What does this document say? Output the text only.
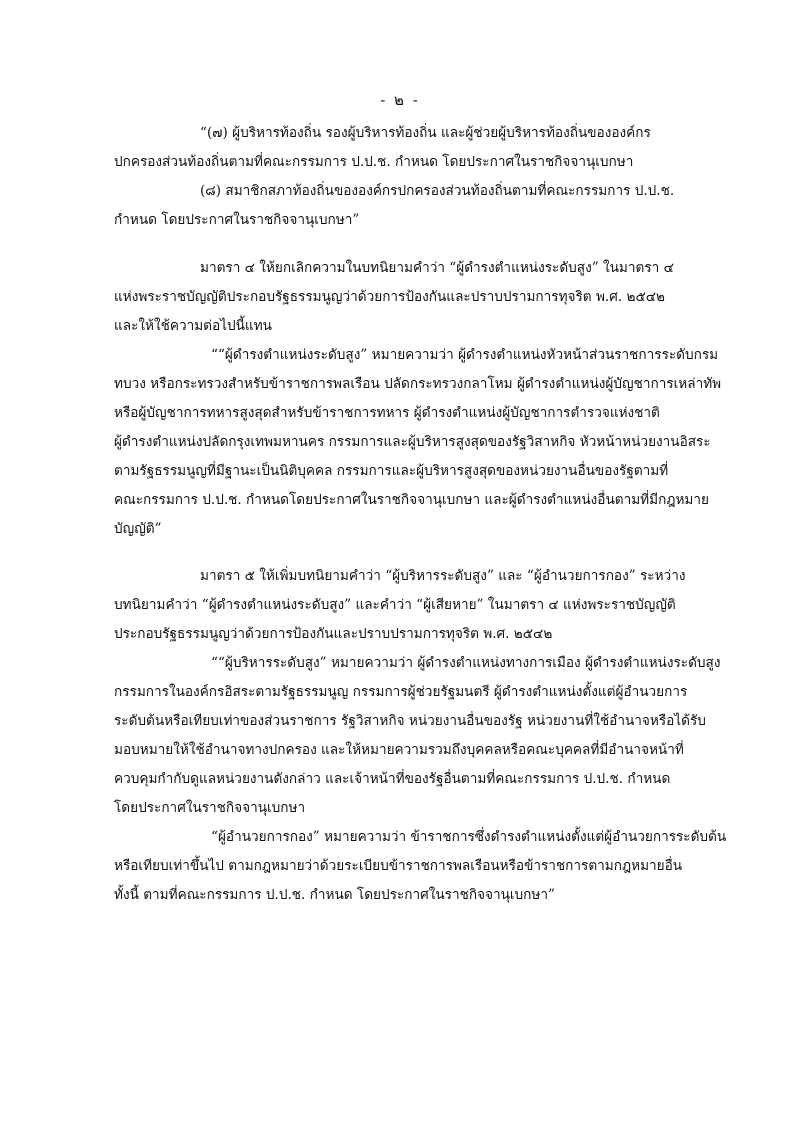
- ๒ -
“(๗) ผู้บริหารท้องถิ่น รองผู้บริหารท้องถิ่น และผู้ช่วยผู้บริหารท้องถิ่นขององค์กร
ปกครองส่วนท้องถิ่นตามที่คณะกรรมการ ป.ป.ช. กำหนด โดยประกาศในราชกิจจานุเบกษา
(๘) สมาชิกสภาท้องถิ่นขององค์กรปกครองส่วนท้องถิ่นตามที่คณะกรรมการ ป.ป.ช.
กำหนด โดยประกาศในราชกิจจานุเบกษา”
มาตรา ๔ ให้ยกเลิกความในบทนิยามคำว่า “ผู้ดำรงตำแหน่งระดับสูง” ในมาตรา ๔
แห่งพระราชบัญญัติประกอบรัฐธรรมนูญว่าด้วยการป้องกันและปราบปรามการทุจริต พ.ศ. ๒๕๔๒
และให้ใช้ความต่อไปนี้แทน
““ผู้ดำรงตำแหน่งระดับสูง” หมายความว่า ผู้ดำรงตำแหน่งหัวหน้าส่วนราชการระดับกรม
ทบวง หรือกระทรวงสำหรับข้าราชการพลเรือน ปลัดกระทรวงกลาโหม ผู้ดำรงตำแหน่งผู้บัญชาการเหล่าทัพ
หรือผู้บัญชาการทหารสูงสุดสำหรับข้าราชการทหาร ผู้ดำรงตำแหน่งผู้บัญชาการตำรวจแห่งชาติ
ผู้ดำรงตำแหน่งปลัดกรุงเทพมหานคร กรรมการและผู้บริหารสูงสุดของรัฐวิสาหกิจ หัวหน้าหน่วยงานอิสระ
ตามรัฐธรรมนูญที่มีฐานะเป็นนิติบุคคล กรรมการและผู้บริหารสูงสุดของหน่วยงานอื่นของรัฐตามที่
คณะกรรมการ ป.ป.ช. กำหนดโดยประกาศในราชกิจจานุเบกษา และผู้ดำรงตำแหน่งอื่นตามที่มีกฎหมาย
บัญญัติ”
มาตรา ๕ ให้เพิ่มบทนิยามคำว่า “ผู้บริหารระดับสูง” และ “ผู้อำนวยการกอง” ระหว่าง
บทนิยามคำว่า “ผู้ดำรงตำแหน่งระดับสูง” และคำว่า “ผู้เสียหาย” ในมาตรา ๔ แห่งพระราชบัญญัติ
ประกอบรัฐธรรมนูญว่าด้วยการป้องกันและปราบปรามการทุจริต พ.ศ. ๒๕๔๒
““ผู้บริหารระดับสูง” หมายความว่า ผู้ดำรงตำแหน่งทางการเมือง ผู้ดำรงตำแหน่งระดับสูง
กรรมการในองค์กรอิสระตามรัฐธรรมนูญ กรรมการผู้ช่วยรัฐมนตรี ผู้ดำรงตำแหน่งตั้งแต่ผู้อำนวยการ
ระดับต้นหรือเทียบเท่าของส่วนราชการ รัฐวิสาหกิจ หน่วยงานอื่นของรัฐ หน่วยงานที่ใช้อำนาจหรือได้รับ
มอบหมายให้ใช้อำนาจทางปกครอง และให้หมายความรวมถึงบุคคลหรือคณะบุคคลที่มีอำนาจหน้าที่
ควบคุมกำกับดูแลหน่วยงานดังกล่าว และเจ้าหน้าที่ของรัฐอื่นตามที่คณะกรรมการ ป.ป.ช. กำหนด
โดยประกาศในราชกิจจานุเบกษา
“ผู้อำนวยการกอง” หมายความว่า ข้าราชการซึ่งดำรงตำแหน่งตั้งแต่ผู้อำนวยการระดับต้น
หรือเทียบเท่าขึ้นไป ตามกฎหมายว่าด้วยระเบียบข้าราชการพลเรือนหรือข้าราชการตามกฎหมายอื่น
ทั้งนี้ ตามที่คณะกรรมการ ป.ป.ช. กำหนด โดยประกาศในราชกิจจานุเบกษา”
